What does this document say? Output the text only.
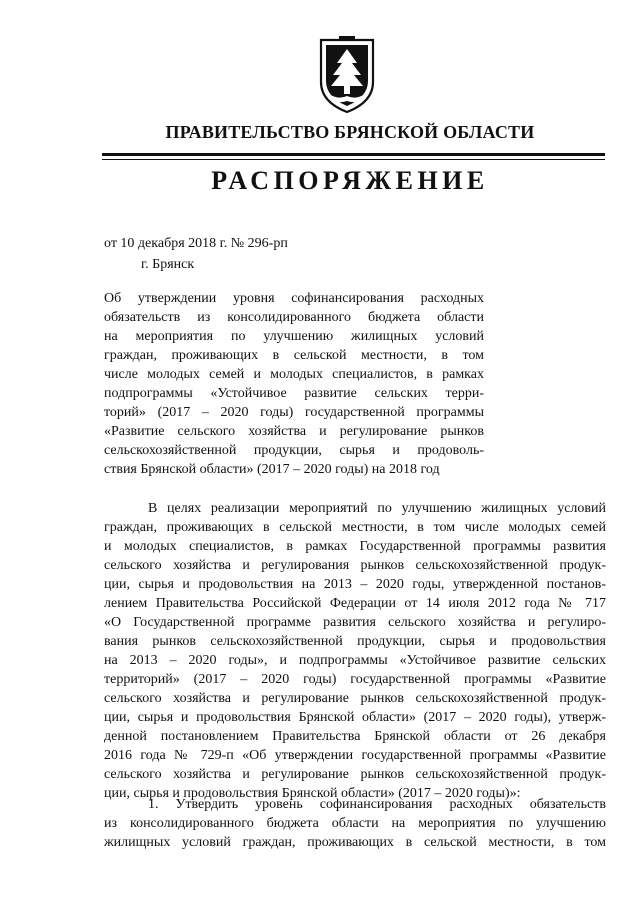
ПРАВИТЕЛЬСТВО БРЯНСКОЙ ОБЛАСТИ
РАСПОРЯЖЕНИЕ
от 10 декабря 2018 г. № 296-рп
г. Брянск
Об утверждении уровня софинансирования расходных
обязательств из консолидированного бюджета области
на мероприятия по улучшению жилищных условий
граждан, проживающих в сельской местности, в том
числе молодых семей и молодых специалистов, в рамках
подпрограммы «Устойчивое развитие сельских терри-
торий» (2017 – 2020 годы) государственной программы
«Развитие сельского хозяйства и регулирование рынков
сельскохозяйственной продукции, сырья и продоволь-
ствия Брянской области» (2017 – 2020 годы) на 2018 год
В целях реализации мероприятий по улучшению жилищных условий
граждан, проживающих в сельской местности, в том числе молодых семей
и молодых специалистов, в рамках Государственной программы развития
сельского хозяйства и регулирования рынков сельскохозяйственной продук-
ции, сырья и продовольствия на 2013 – 2020 годы, утвержденной постанов-
лением Правительства Российской Федерации от 14 июля 2012 года № 717
«О Государственной программе развития сельского хозяйства и регулиро-
вания рынков сельскохозяйственной продукции, сырья и продовольствия
на 2013 – 2020 годы», и подпрограммы «Устойчивое развитие сельских
территорий» (2017 – 2020 годы) государственной программы «Развитие
сельского хозяйства и регулирование рынков сельскохозяйственной продук-
ции, сырья и продовольствия Брянской области» (2017 – 2020 годы), утверж-
денной постановлением Правительства Брянской области от 26 декабря
2016 года № 729-п «Об утверждении государственной программы «Развитие
сельского хозяйства и регулирование рынков сельскохозяйственной продук-
ции, сырья и продовольствия Брянской области» (2017 – 2020 годы)»:
1. Утвердить уровень софинансирования расходных обязательств
из консолидированного бюджета области на мероприятия по улучшению
жилищных условий граждан, проживающих в сельской местности, в том
